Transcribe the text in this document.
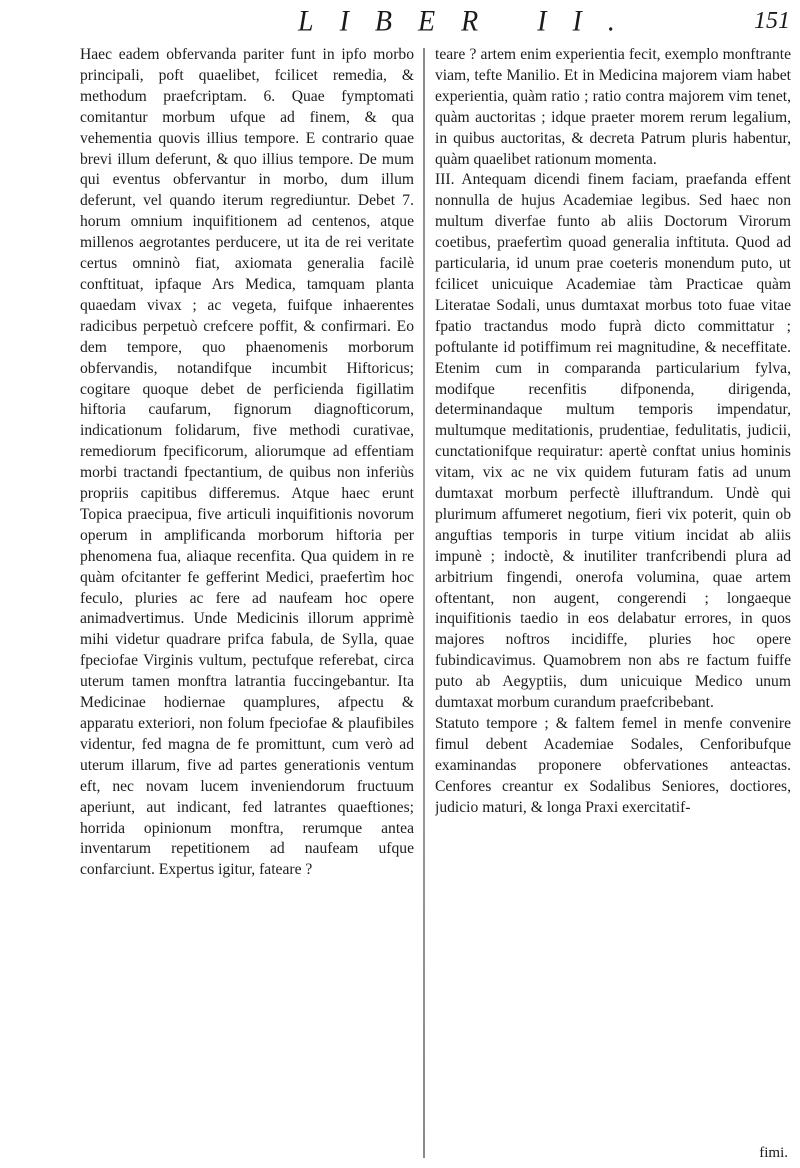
LIBER II.	151

Haec eadem obfervanda pariter funt in ipfo morbo principali, poft quaelibet, fcilicet remedia, & methodum praefcriptam. 6. Quae fymptomati comitantur morbum ufque ad finem, & qua vehementia quovis illius tempore. E contrario quae brevi illum deferunt, & quo illius tempore. De mum qui eventus obfervantur in morbo, dum illum deferunt, vel quando iterum regrediuntur. Debet 7. horum omnium inquifitionem ad centenos, atque millenos aegrotantes perducere, ut ita de rei veritate certus omninò fiat, axiomata generalia facilè conftituat, ipfaque Ars Medica, tamquam planta quaedam vivax ; ac vegeta, fuifque inhaerentes radicibus perpetuò crefcere poffit, & confirmari. Eo dem tempore, quo phaenomenis morborum obfervandis, notandifque incumbit Hiftoricus; cogitare quoque debet de perficienda figillatim hiftoria caufarum, fignorum diagnofticorum, indicationum folidarum, five methodi curativae, remediorum fpecificorum, aliorumque ad effentiam morbi tractandi fpectantium, de quibus non inferiùs propriis capitibus differemus. Atque haec erunt Topica praecipua, five articuli inquifitionis novorum operum in amplificanda morborum hiftoria per phenomena fua, aliaque recenfita. Qua quidem in re quàm ofcitanter fe gefferint Medici, praefertìm hoc feculo, pluries ac fere ad naufeam hoc opere animadvertimus. Unde Medicinis illorum apprimè mihi videtur quadrare prifca fabula, de Sylla, quae fpeciofae Virginis vultum, pectufque referebat, circa uterum tamen monftra latrantia fuccingebantur. Ita Medicinae hodiernae quamplures, afpectu & apparatu exteriori, non folum fpeciofae & plaufibiles videntur, fed magna de fe promittunt, cum verò ad uterum illarum, five ad partes generationis ventum eft, nec novam lucem inveniendorum fructuum aperiunt, aut indicant, fed latrantes quaeftiones; horrida opinionum monftra, rerumque antea inventarum repetitionem ad naufeam ufque confarciunt. Expertus igitur, fateare ?

teare ? artem enim experientia fecit, exemplo monftrante viam, tefte Manilio. Et in Medicina majorem viam habet experientia, quàm ratio ; ratio contra majorem vim tenet, quàm auctoritas ; idque praeter morem rerum legalium, in quibus auctoritas, & decreta Patrum pluris habentur, quàm quaelibet rationum momenta.

III. Antequam dicendi finem faciam, praefanda effent nonnulla de hujus Academiae legibus. Sed haec non multum diverfae funto ab aliis Doctorum Virorum coetibus, praefertìm quoad generalia inftituta. Quod ad particularia, id unum prae coeteris monendum puto, ut fcilicet unicuique Academiae tàm Practicae quàm Literatae Sodali, unus dumtaxat morbus toto fuae vitae fpatio tractandus modo fuprà dicto committatur ; poftulante id potiffimum rei magnitudine, & neceffitate. Etenim cum in comparanda particularium fylva, modifque recenfitis difponenda, dirigenda, determinandaque multum temporis impendatur, multumque meditationis, prudentiae, fedulitatis, judicii, cunctationifque requiratur: apertè conftat unius hominis vitam, vix ac ne vix quidem futuram fatis ad unum dumtaxat morbum perfectè illuftrandum. Undè qui plurimum affumeret negotium, fieri vix poterit, quin ob anguftias temporis in turpe vitium incidat ab aliis impunè ; indoctè, & inutiliter tranfcribendi plura ad arbitrium fingendi, onerofa volumina, quae artem oftentant, non augent, congerendi ; longaeque inquifitionis taedio in eos delabatur errores, in quos majores noftros incidiffe, pluries hoc opere fubindicavimus. Quamobrem non abs re factum fuiffe puto ab Aegyptiis, dum unicuique Medico unum dumtaxat morbum curandum praefcribebant.

Statuto tempore ; & faltem femel in menfe convenire fimul debent Academiae Sodales, Cenforibufque examinandas proponere obfervationes anteactas. Cenfores creantur ex Sodalibus Seniores, doctiores, judicio maturi, & longa Praxi exercitatif-

fimi.
